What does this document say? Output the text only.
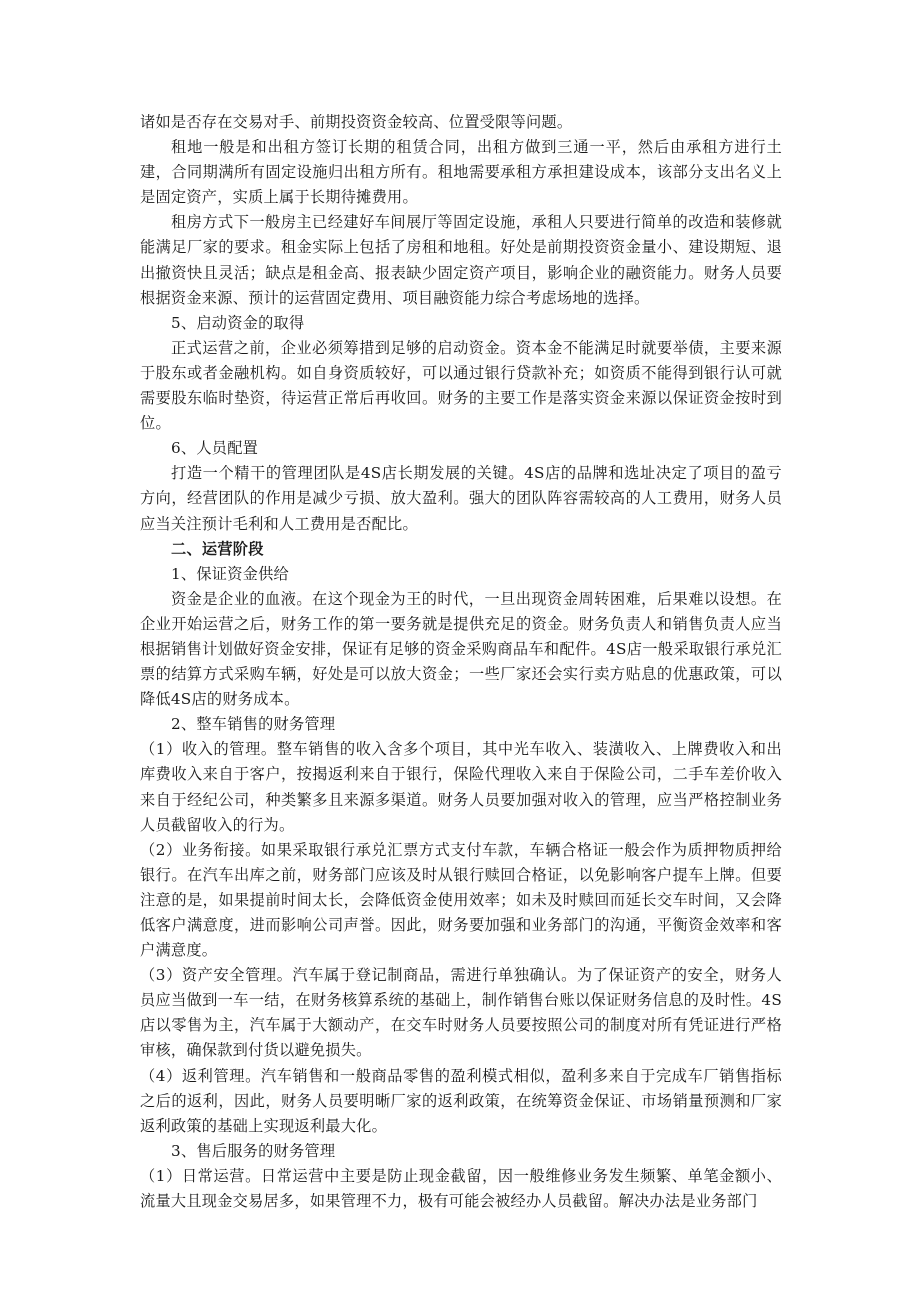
诸如是否存在交易对手、前期投资资金较高、位置受限等问题。

租地一般是和出租方签订长期的租赁合同，出租方做到三通一平，然后由承租方进行土建，合同期满所有固定设施归出租方所有。租地需要承租方承担建设成本，该部分支出名义上是固定资产，实质上属于长期待摊费用。

租房方式下一般房主已经建好车间展厅等固定设施，承租人只要进行简单的改造和装修就能满足厂家的要求。租金实际上包括了房租和地租。好处是前期投资资金量小、建设期短、退出撤资快且灵活；缺点是租金高、报表缺少固定资产项目，影响企业的融资能力。财务人员要根据资金来源、预计的运营固定费用、项目融资能力综合考虑场地的选择。

5、启动资金的取得

正式运营之前，企业必须筹措到足够的启动资金。资本金不能满足时就要举债，主要来源于股东或者金融机构。如自身资质较好，可以通过银行贷款补充；如资质不能得到银行认可就需要股东临时垫资，待运营正常后再收回。财务的主要工作是落实资金来源以保证资金按时到位。

6、人员配置

打造一个精干的管理团队是4S店长期发展的关键。4S店的品牌和选址决定了项目的盈亏方向，经营团队的作用是减少亏损、放大盈利。强大的团队阵容需较高的人工费用，财务人员应当关注预计毛利和人工费用是否配比。

二、运营阶段

1、保证资金供给

资金是企业的血液。在这个现金为王的时代，一旦出现资金周转困难，后果难以设想。在企业开始运营之后，财务工作的第一要务就是提供充足的资金。财务负责人和销售负责人应当根据销售计划做好资金安排，保证有足够的资金采购商品车和配件。4S店一般采取银行承兑汇票的结算方式采购车辆，好处是可以放大资金；一些厂家还会实行卖方贴息的优惠政策，可以降低4S店的财务成本。

2、整车销售的财务管理

（1）收入的管理。整车销售的收入含多个项目，其中光车收入、装潢收入、上牌费收入和出库费收入来自于客户，按揭返利来自于银行，保险代理收入来自于保险公司，二手车差价收入来自于经纪公司，种类繁多且来源多渠道。财务人员要加强对收入的管理，应当严格控制业务人员截留收入的行为。

（2）业务衔接。如果采取银行承兑汇票方式支付车款，车辆合格证一般会作为质押物质押给银行。在汽车出库之前，财务部门应该及时从银行赎回合格证，以免影响客户提车上牌。但要注意的是，如果提前时间太长，会降低资金使用效率；如未及时赎回而延长交车时间，又会降低客户满意度，进而影响公司声誉。因此，财务要加强和业务部门的沟通，平衡资金效率和客户满意度。

（3）资产安全管理。汽车属于登记制商品，需进行单独确认。为了保证资产的安全，财务人员应当做到一车一结，在财务核算系统的基础上，制作销售台账以保证财务信息的及时性。4S店以零售为主，汽车属于大额动产，在交车时财务人员要按照公司的制度对所有凭证进行严格审核，确保款到付货以避免损失。

（4）返利管理。汽车销售和一般商品零售的盈利模式相似，盈利多来自于完成车厂销售指标之后的返利，因此，财务人员要明晰厂家的返利政策，在统筹资金保证、市场销量预测和厂家返利政策的基础上实现返利最大化。

3、售后服务的财务管理

（1）日常运营。日常运营中主要是防止现金截留，因一般维修业务发生频繁、单笔金额小、流量大且现金交易居多，如果管理不力，极有可能会被经办人员截留。解决办法是业务部门
